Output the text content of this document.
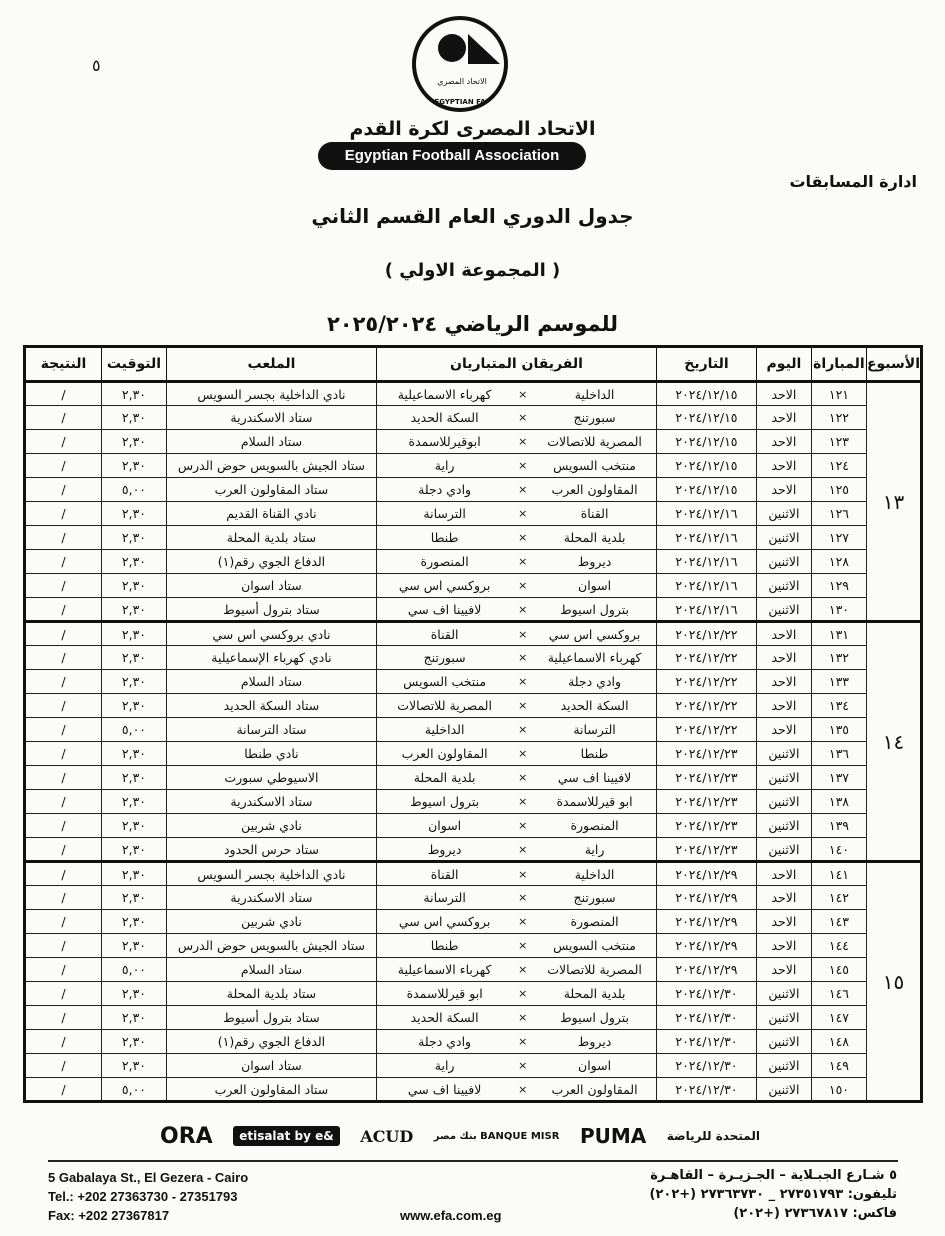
٥
الاتحاد المصري
EGYPTIAN FA
الاتحاد المصرى لكرة القدم
Egyptian Football Association
ادارة المسابقات
جدول الدوري العام القسم الثاني
( المجموعة الاولي )
للموسم الرياضي ٢٠٢٥/٢٠٢٤
الأسبوع	المباراة	اليوم	التاريخ	الفريقان المتباريان			الملعب	التوقيت	النتيجة
١٣	١٢١	الاحد	٢٠٢٤/١٢/١٥	الداخلية	×	كهرباء الاسماعيلية	نادي الداخلية بجسر السويس	٢,٣٠	/
	١٢٢	الاحد	٢٠٢٤/١٢/١٥	سبورتنج	×	السكة الحديد	ستاد الاسكندرية	٢,٣٠	/
	١٢٣	الاحد	٢٠٢٤/١٢/١٥	المصرية للاتصالات	×	ابوقيرللاسمدة	ستاد السلام	٢,٣٠	/
	١٢٤	الاحد	٢٠٢٤/١٢/١٥	منتخب السويس	×	راية	ستاد الجيش بالسويس حوض الدرس	٢,٣٠	/
	١٢٥	الاحد	٢٠٢٤/١٢/١٥	المقاولون العرب	×	وادي دجلة	ستاد المقاولون العرب	٥,٠٠	/
	١٢٦	الاثنين	٢٠٢٤/١٢/١٦	القناة	×	الترسانة	نادي القناة القديم	٢,٣٠	/
	١٢٧	الاثنين	٢٠٢٤/١٢/١٦	بلدية المحلة	×	طنطا	ستاد بلدية المحلة	٢,٣٠	/
	١٢٨	الاثنين	٢٠٢٤/١٢/١٦	ديروط	×	المنصورة	الدفاع الجوي رقم(١)	٢,٣٠	/
	١٢٩	الاثنين	٢٠٢٤/١٢/١٦	اسوان	×	بروكسي اس سي	ستاد اسوان	٢,٣٠	/
	١٣٠	الاثنين	٢٠٢٤/١٢/١٦	بترول اسيوط	×	لافيينا اف سي	ستاد بترول أسيوط	٢,٣٠	/
١٤	١٣١	الاحد	٢٠٢٤/١٢/٢٢	بروكسي اس سي	×	القناة	نادي بروكسي اس سي	٢,٣٠	/
	١٣٢	الاحد	٢٠٢٤/١٢/٢٢	كهرباء الاسماعيلية	×	سبورتنج	نادي كهرباء الإسماعيلية	٢,٣٠	/
	١٣٣	الاحد	٢٠٢٤/١٢/٢٢	وادي دجلة	×	منتخب السويس	ستاد السلام	٢,٣٠	/
	١٣٤	الاحد	٢٠٢٤/١٢/٢٢	السكة الحديد	×	المصرية للاتصالات	ستاد السكة الحديد	٢,٣٠	/
	١٣٥	الاحد	٢٠٢٤/١٢/٢٢	الترسانة	×	الداخلية	ستاد الترسانة	٥,٠٠	/
	١٣٦	الاثنين	٢٠٢٤/١٢/٢٣	طنطا	×	المقاولون العرب	نادي طنطا	٢,٣٠	/
	١٣٧	الاثنين	٢٠٢٤/١٢/٢٣	لافيينا اف سي	×	بلدية المحلة	الاسيوطي سبورت	٢,٣٠	/
	١٣٨	الاثنين	٢٠٢٤/١٢/٢٣	ابو قيرللاسمدة	×	بترول اسيوط	ستاد الاسكندرية	٢,٣٠	/
	١٣٩	الاثنين	٢٠٢٤/١٢/٢٣	المنصورة	×	اسوان	نادي شربين	٢,٣٠	/
	١٤٠	الاثنين	٢٠٢٤/١٢/٢٣	راية	×	ديروط	ستاد حرس الحدود	٢,٣٠	/
١٥	١٤١	الاحد	٢٠٢٤/١٢/٢٩	الداخلية	×	القناة	نادي الداخلية بجسر السويس	٢,٣٠	/
	١٤٢	الاحد	٢٠٢٤/١٢/٢٩	سبورتنج	×	الترسانة	ستاد الاسكندرية	٢,٣٠	/
	١٤٣	الاحد	٢٠٢٤/١٢/٢٩	المنصورة	×	بروكسي اس سي	نادي شربين	٢,٣٠	/
	١٤٤	الاحد	٢٠٢٤/١٢/٢٩	منتخب السويس	×	طنطا	ستاد الجيش بالسويس حوض الدرس	٢,٣٠	/
	١٤٥	الاحد	٢٠٢٤/١٢/٢٩	المصرية للاتصالات	×	كهرباء الاسماعيلية	ستاد السلام	٥,٠٠	/
	١٤٦	الاثنين	٢٠٢٤/١٢/٣٠	بلدية المحلة	×	ابو قيرللاسمدة	ستاد بلدية المحلة	٢,٣٠	/
	١٤٧	الاثنين	٢٠٢٤/١٢/٣٠	بترول اسيوط	×	السكة الحديد	ستاد بترول أسيوط	٢,٣٠	/
	١٤٨	الاثنين	٢٠٢٤/١٢/٣٠	ديروط	×	وادي دجلة	الدفاع الجوي رقم(١)	٢,٣٠	/
	١٤٩	الاثنين	٢٠٢٤/١٢/٣٠	اسوان	×	راية	ستاد اسوان	٢,٣٠	/
	١٥٠	الاثنين	٢٠٢٤/١٢/٣٠	المقاولون العرب	×	لافيينا اف سي	ستاد المقاولون العرب	٥,٠٠	/
ORA	etisalat by e&	ACUD بنك مصر BANQUE MISR PUMA المتحدة للرياضة
5 Gabalaya St., El Gezera - Cairo
Tel.: +202 27363730 - 27351793
Fax: +202 27367817
٥ شـارع الجبـلاية – الجـزيـرة – القاهـرة
تليفون: ٢٧٣٥١٧٩٣ _ ٢٧٣٦٣٧٣٠ (+٢٠٢)
فاكس: ٢٧٣٦٧٨١٧ (+٢٠٢)
www.efa.com.eg
